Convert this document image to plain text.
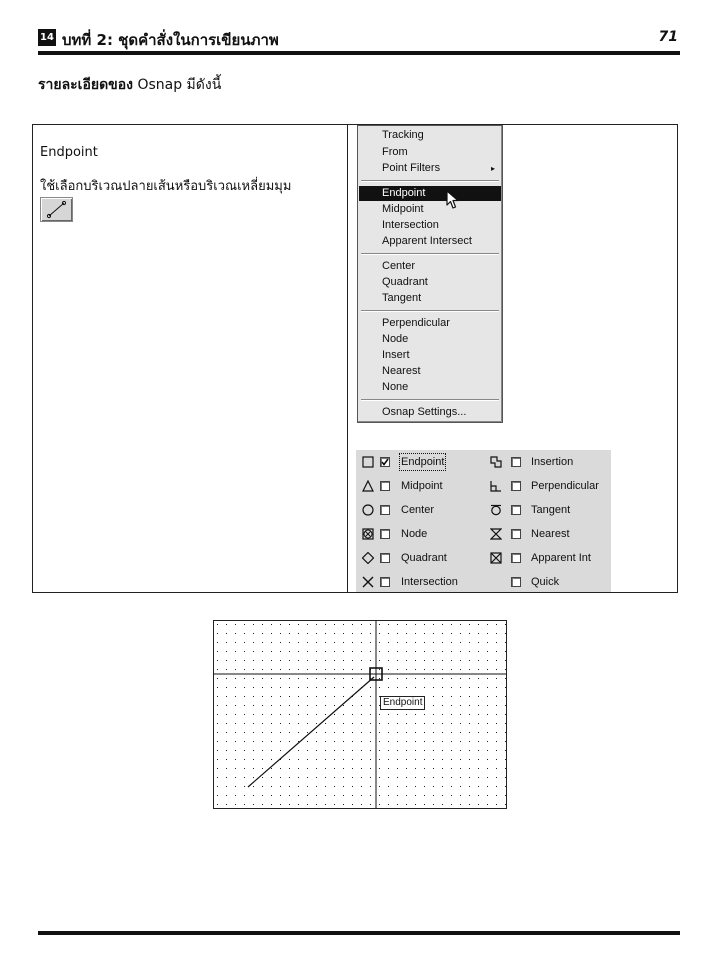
14 บทที่ 2: ชุดคำสั่งในการเขียนภาพ	71
รายละเอียดของ Osnap มีดังนี้
Endpoint
ใช้เลือกบริเวณปลายเส้นหรือบริเวณเหลี่ยมมุม
Tracking
From
Point Filters	▸
Endpoint
Midpoint
Intersection
Apparent Intersect
Center
Quadrant
Tangent
Perpendicular
Node
Insert
Nearest
None
Osnap Settings...
Endpoint
Midpoint
Center
Node
Quadrant
Intersection
Insertion
Perpendicular
Tangent
Nearest
Apparent Int
Quick
Endpoint
